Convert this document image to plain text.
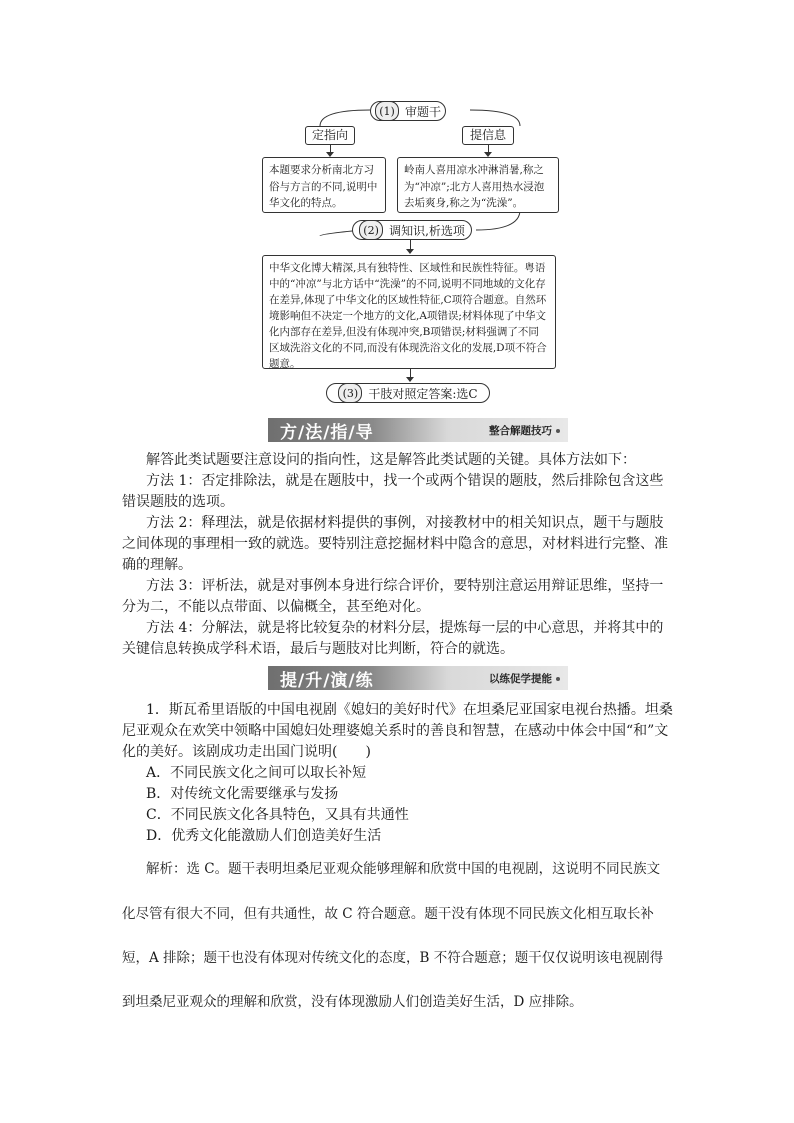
(1) 审题干
定指向	提信息
本题要求分析南北方习俗与方言的不同,说明中华文化的特点。
岭南人喜用凉水冲淋消暑,称之为“冲凉”;北方人喜用热水浸泡去垢爽身,称之为“洗澡”。
(2) 调知识,析选项
中华文化博大精深,具有独特性、区域性和民族性特征。粤语中的“冲凉”与北方话中“洗澡”的不同,说明不同地域的文化存在差异,体现了中华文化的区域性特征,C项符合题意。自然环境影响但不决定一个地方的文化,A项错误;材料体现了中华文化内部存在差异,但没有体现冲突,B项错误;材料强调了不同区域洗浴文化的不同,而没有体现洗浴文化的发展,D项不符合题意。
(3) 干肢对照定答案:选C
方/法/指/导	整合解题技巧

解答此类试题要注意设问的指向性，这是解答此类试题的关键。具体方法如下：

方法 1：否定排除法，就是在题肢中，找一个或两个错误的题肢，然后排除包含这些错误题肢的选项。

方法 2：释理法，就是依据材料提供的事例，对接教材中的相关知识点，题干与题肢之间体现的事理相一致的就选。要特别注意挖掘材料中隐含的意思，对材料进行完整、准确的理解。

方法 3：评析法，就是对事例本身进行综合评价，要特别注意运用辩证思维，坚持一分为二，不能以点带面、以偏概全，甚至绝对化。

方法 4：分解法，就是将比较复杂的材料分层，提炼每一层的中心意思，并将其中的关键信息转换成学科术语，最后与题肢对比判断，符合的就选。

提/升/演/练	以练促学提能

1．斯瓦希里语版的中国电视剧《媳妇的美好时代》在坦桑尼亚国家电视台热播。坦桑尼亚观众在欢笑中领略中国媳妇处理婆媳关系时的善良和智慧，在感动中体会中国“和”文化的美好。该剧成功走出国门说明(　　)

A．不同民族文化之间可以取长补短
B．对传统文化需要继承与发扬
C．不同民族文化各具特色，又具有共通性
D．优秀文化能激励人们创造美好生活
解析：选 C。题干表明坦桑尼亚观众能够理解和欣赏中国的电视剧，这说明不同民族文
化尽管有很大不同，但有共通性，故 C 符合题意。题干没有体现不同民族文化相互取长补
短，A 排除；题干也没有体现对传统文化的态度，B 不符合题意；题干仅仅说明该电视剧得
到坦桑尼亚观众的理解和欣赏，没有体现激励人们创造美好生活，D 应排除。
